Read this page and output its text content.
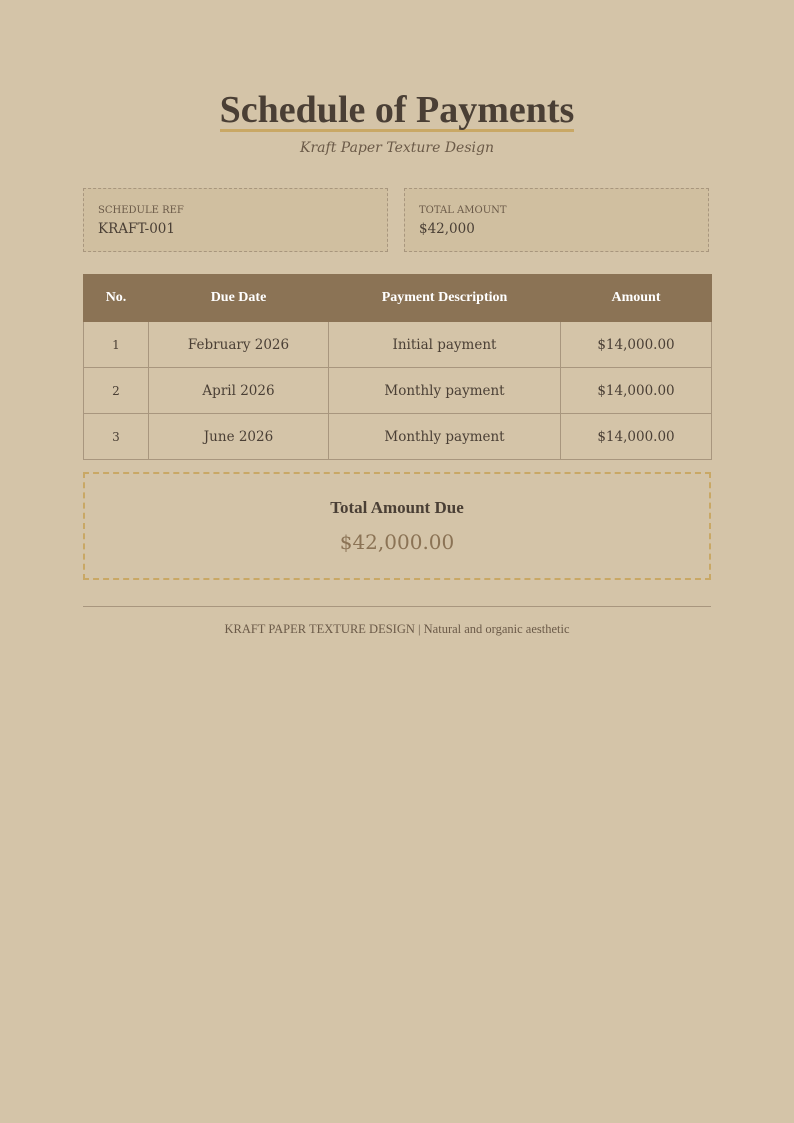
Schedule of Payments
Kraft Paper Texture Design
SCHEDULE REF
KRAFT-001
TOTAL AMOUNT
$42,000
No.	Due Date	Payment Description	Amount
1	February 2026	Initial payment	$14,000.00
2	April 2026	Monthly payment	$14,000.00
3	June 2026	Monthly payment	$14,000.00
Total Amount Due
$42,000.00
KRAFT PAPER TEXTURE DESIGN | Natural and organic aesthetic
